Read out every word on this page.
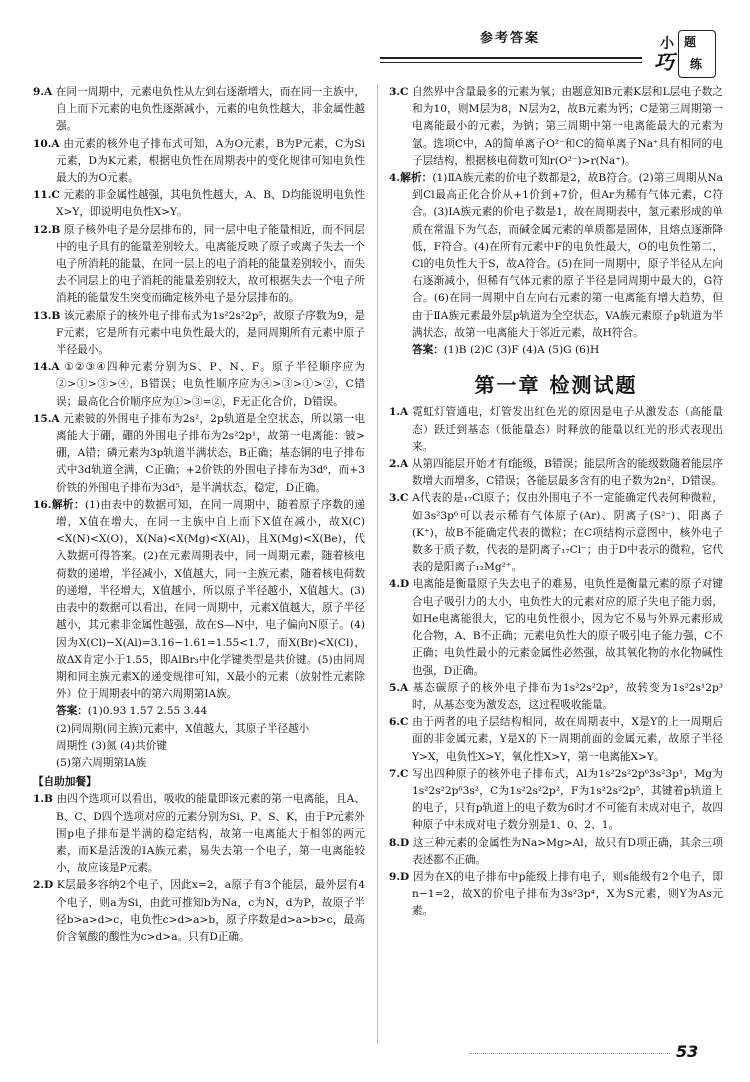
参考答案	小 题
巧 练

9.A 在同一周期中，元素电负性从左到右逐渐增大，而在同一主族中，自上而下元素的电负性逐渐减小，元素的电负性越大，非金属性越强。

10.A 由元素的核外电子排布式可知，A为O元素，B为P元素，C为Si元素，D为K元素，根据电负性在周期表中的变化规律可知电负性最大的为O元素。

11.C 元素的非金属性越强，其电负性越大，A、B、D均能说明电负性X>Y，即说明电负性X>Y。

12.B 原子核外电子是分层排布的，同一层中电子能量相近，而不同层中的电子具有的能量差别较大。电离能反映了原子或离子失去一个电子所消耗的能量，在同一层上的电子消耗的能量差别较小，而失去不同层上的电子消耗的能量差别较大，故可根据失去一个电子所消耗的能量发生突变而确定核外电子是分层排布的。

13.B 该元素原子的核外电子排布式为1s²2s²2p⁵，故原子序数为9，是F元素，它是所有元素中电负性最大的，是同周期所有元素中原子半径最小。

14.A ①②③④四种元素分别为S、P、N、F。原子半径顺序应为②>①>③>④，B错误；电负性顺序应为④>③>①>②，C错误；最高化合价顺序应为①>③=②，F无正化合价，D错误。

15.A 元素铍的外围电子排布为2s²，2p轨道是全空状态，所以第一电离能大于硼，硼的外围电子排布为2s²2p¹，故第一电离能：铍>硼，A错；磷元素为3p轨道半满状态，B正确；基态铜的电子排布式中3d轨道全满，C正确；+2价铁的外围电子排布为3d⁶，而+3价铁的外围电子排布为3d⁵，是半满状态，稳定，D正确。

16.解析：(1)由表中的数据可知，在同一周期中，随着原子序数的递增，X值在增大，在同一主族中自上而下X值在减小，故X(C)<X(N)<X(O)，X(Na)<X(Mg)<X(Al)，且X(Mg)<X(Be)，代入数据可得答案。(2)在元素周期表中，同一周期元素，随着核电荷数的递增，半径减小，X值越大，同一主族元素，随着核电荷数的递增，半径增大，X值越小，所以原子半径越小，X值越大。(3)由表中的数据可以看出，在同一周期中，元素X值越大，原子半径越小，其元素非金属性越强，故在S—N中，电子偏向N原子。(4)因为X(Cl)−X(Al)=3.16−1.61=1.55<1.7，而X(Br)<X(Cl)，故ΔX肯定小于1.55，即AlBr₃中化学键类型是共价键。(5)由同周期和同主族元素X的递变规律可知，X最小的元素（放射性元素除外）位于周期表中的第六周期第ⅠA族。

答案：(1)0.93 1.57 2.55 3.44

(2)同周期(同主族)元素中，X值越大，其原子半径越小

周期性 (3)氮 (4)共价键

(5)第六周期第ⅠA族

【自助加餐】

1.B 由四个选项可以看出，吸收的能量即该元素的第一电离能，且A、B、C、D四个选项对应的元素分别为Si、P、S、K，由于P元素外围p电子排布是半满的稳定结构，故第一电离能大于相邻的两元素，而K是活泼的ⅠA族元素，易失去第一个电子，第一电离能较小，故应该是P元素。

2.D K层最多容纳2个电子，因此x=2，a原子有3个能层，最外层有4个电子，则a为Si，由此可推知b为Na，c为N，d为P，故原子半径b>a>d>c，电负性c>d>a>b，原子序数是d>a>b>c，最高价含氧酸的酸性为c>d>a。只有D正确。

3.C 自然界中含量最多的元素为氧；由题意知B元素K层和L层电子数之和为10，则M层为8，N层为2，故B元素为钙；C是第三周期第一电离能最小的元素，为钠；第三周期中第一电离能最大的元素为氩。选项C中，A的简单离子O²⁻和C的简单离子Na⁺具有相同的电子层结构，根据核电荷数可知r(O²⁻)>r(Na⁺)。

4.解析：(1)ⅡA族元素的价电子数都是2，故B符合。(2)第三周期从Na到Cl最高正化合价从+1价到+7价，但Ar为稀有气体元素，C符合。(3)ⅠA族元素的价电子数是1，故在周期表中，氢元素形成的单质在常温下为气态，而碱金属元素的单质都是固体，且熔点逐渐降低，F符合。(4)在所有元素中F的电负性最大，O的电负性第二，Cl的电负性大于S，故A符合。(5)在同一周期中，原子半径从左向右逐渐减小，但稀有气体元素的原子半径是同周期中最大的，G符合。(6)在同一周期中自左向右元素的第一电离能有增大趋势，但由于ⅡA族元素最外层p轨道为全空状态，VA族元素原子p轨道为半满状态，故第一电离能大于邻近元素，故H符合。

答案：(1)B (2)C (3)F (4)A (5)G (6)H

第一章 检测试题

1.A 霓虹灯管通电，灯管发出红色光的原因是电子从激发态（高能量态）跃迁到基态（低能量态）时释放的能量以红光的形式表现出来。

2.A 从第四能层开始才有f能级，B错误；能层所含的能级数随着能层序数增大而增多，C错误；各能层最多含有的电子数为2n²，D错误。

3.C A代表的是₁₇Cl原子；仅由外围电子不一定能确定代表何种微粒，如3s²3p⁶可以表示稀有气体原子(Ar)、阴离子(S²⁻)、阳离子(K⁺)，故B不能确定代表的微粒；在C项结构示意图中，核外电子数多于质子数，代表的是阴离子₁₇Cl⁻；由于D中表示的微粒，它代表的是阳离子₁₂Mg²⁺。

4.D 电离能是衡量原子失去电子的难易，电负性是衡量元素的原子对键合电子吸引力的大小，电负性大的元素对应的原子失电子能力弱，如He电离能很大，它的电负性很小，因为它不易与外界元素形成化合物，A、B不正确；元素电负性大的原子吸引电子能力强，C不正确；电负性最小的元素金属性必然强，故其氧化物的水化物碱性也强，D正确。

5.A 基态碳原子的核外电子排布为1s²2s²2p²，故转变为1s²2s¹2p³时，从基态变为激发态，这过程吸收能量。

6.C 由于两者的电子层结构相同，故在周期表中，X是Y的上一周期后面的非金属元素，Y是X的下一周期前面的金属元素，故原子半径Y>X，电负性X>Y，氧化性X>Y，第一电离能X>Y。

7.C 写出四种原子的核外电子排布式，Al为1s²2s²2p⁶3s²3p¹，Mg为1s²2s²2p⁶3s²，C为1s²2s²2p²，F为1s²2s²2p⁵，其键着p轨道上的电子，只有p轨道上的电子数为6时才不可能有未成对电子，故四种原子中未成对电子数分别是1、0、2、1。

8.D 这三种元素的金属性为Na>Mg>Al，故只有D项正确，其余三项表述都不正确。

9.D 因为在X的电子排布中p能级上排有电子，则s能级有2个电子，即n−1=2，故X的价电子排布为3s²3p⁴，X为S元素，则Y为As元素。

53
